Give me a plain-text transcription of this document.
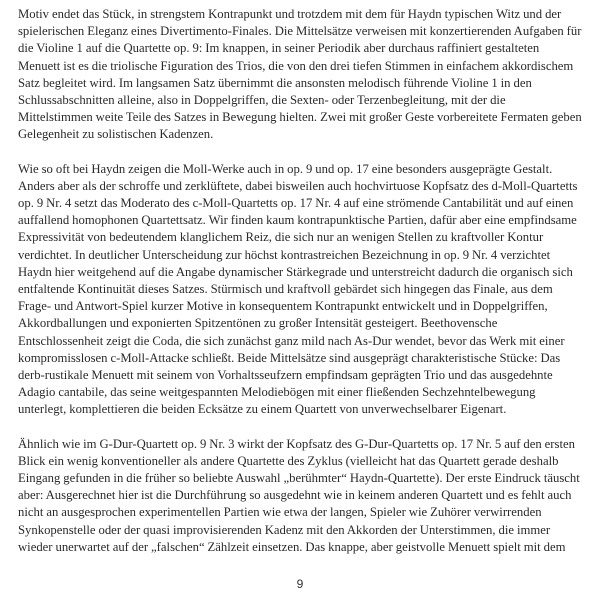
Motiv endet das Stück, in strengstem Kontrapunkt und trotzdem mit dem für Haydn typischen Witz und der spielerischen Eleganz eines Divertimento-Finales. Die Mittelsätze verweisen mit konzertierenden Aufgaben für die Violine 1 auf die Quartette op. 9: Im knappen, in seiner Periodik aber durchaus raffiniert gestalteten Menuett ist es die triolische Figuration des Trios, die von den drei tiefen Stimmen in einfachem akkordischem Satz begleitet wird. Im langsamen Satz übernimmt die ansonsten melodisch führende Violine 1 in den Schlussabschnitten alleine, also in Doppelgriffen, die Sexten- oder Terzenbegleitung, mit der die Mittelstimmen weite Teile des Satzes in Bewegung hielten. Zwei mit großer Geste vorbereitete Fermaten geben Gelegenheit zu solistischen Kadenzen.

Wie so oft bei Haydn zeigen die Moll-Werke auch in op. 9 und op. 17 eine besonders ausgeprägte Gestalt. Anders aber als der schroffe und zerklüftete, dabei bisweilen auch hochvirtuose Kopfsatz des d-Moll-Quartetts op. 9 Nr. 4 setzt das Moderato des c-Moll-Quartetts op. 17 Nr. 4 auf eine strömende Cantabilität und auf einen auffallend homophonen Quartettsatz. Wir finden kaum kontrapunktische Partien, dafür aber eine empfindsame Expressivität von bedeutendem klanglichem Reiz, die sich nur an wenigen Stellen zu kraftvoller Kontur verdichtet. In deutlicher Unterscheidung zur höchst kontrastreichen Bezeichnung in op. 9 Nr. 4 verzichtet Haydn hier weitgehend auf die Angabe dynamischer Stärkegrade und unterstreicht dadurch die organisch sich entfaltende Kontinuität dieses Satzes. Stürmisch und kraftvoll gebärdet sich hingegen das Finale, aus dem Frage- und Antwort-Spiel kurzer Motive in konsequentem Kontrapunkt entwickelt und in Doppelgriffen, Akkordballungen und exponierten Spitzentönen zu großer Intensität gesteigert. Beethovensche Entschlossenheit zeigt die Coda, die sich zunächst ganz mild nach As-Dur wendet, bevor das Werk mit einer kompromisslosen c-Moll-Attacke schließt. Beide Mittelsätze sind ausgeprägt charakteristische Stücke: Das derb-rustikale Menuett mit seinem von Vorhaltsseufzern empfindsam geprägten Trio und das ausgedehnte Adagio cantabile, das seine weitgespannten Melodiebögen mit einer fließenden Sechzehntelbewegung unterlegt, komplettieren die beiden Ecksätze zu einem Quartett von unverwechselbarer Eigenart.

Ähnlich wie im G-Dur-Quartett op. 9 Nr. 3 wirkt der Kopfsatz des G-Dur-Quartetts op. 17 Nr. 5 auf den ersten Blick ein wenig konventioneller als andere Quartette des Zyklus (vielleicht hat das Quartett gerade deshalb Eingang gefunden in die früher so beliebte Auswahl „berühmter“ Haydn-Quartette). Der erste Eindruck täuscht aber: Ausgerechnet hier ist die Durchführung so ausgedehnt wie in keinem anderen Quartett und es fehlt auch nicht an ausgesprochen experimentellen Partien wie etwa der langen, Spieler wie Zuhörer verwirrenden Synkopenstelle oder der quasi improvisierenden Kadenz mit den Akkorden der Unterstimmen, die immer wieder unerwartet auf der „falschen“ Zählzeit einsetzen. Das knappe, aber geistvolle Menuett spielt mit dem

9
